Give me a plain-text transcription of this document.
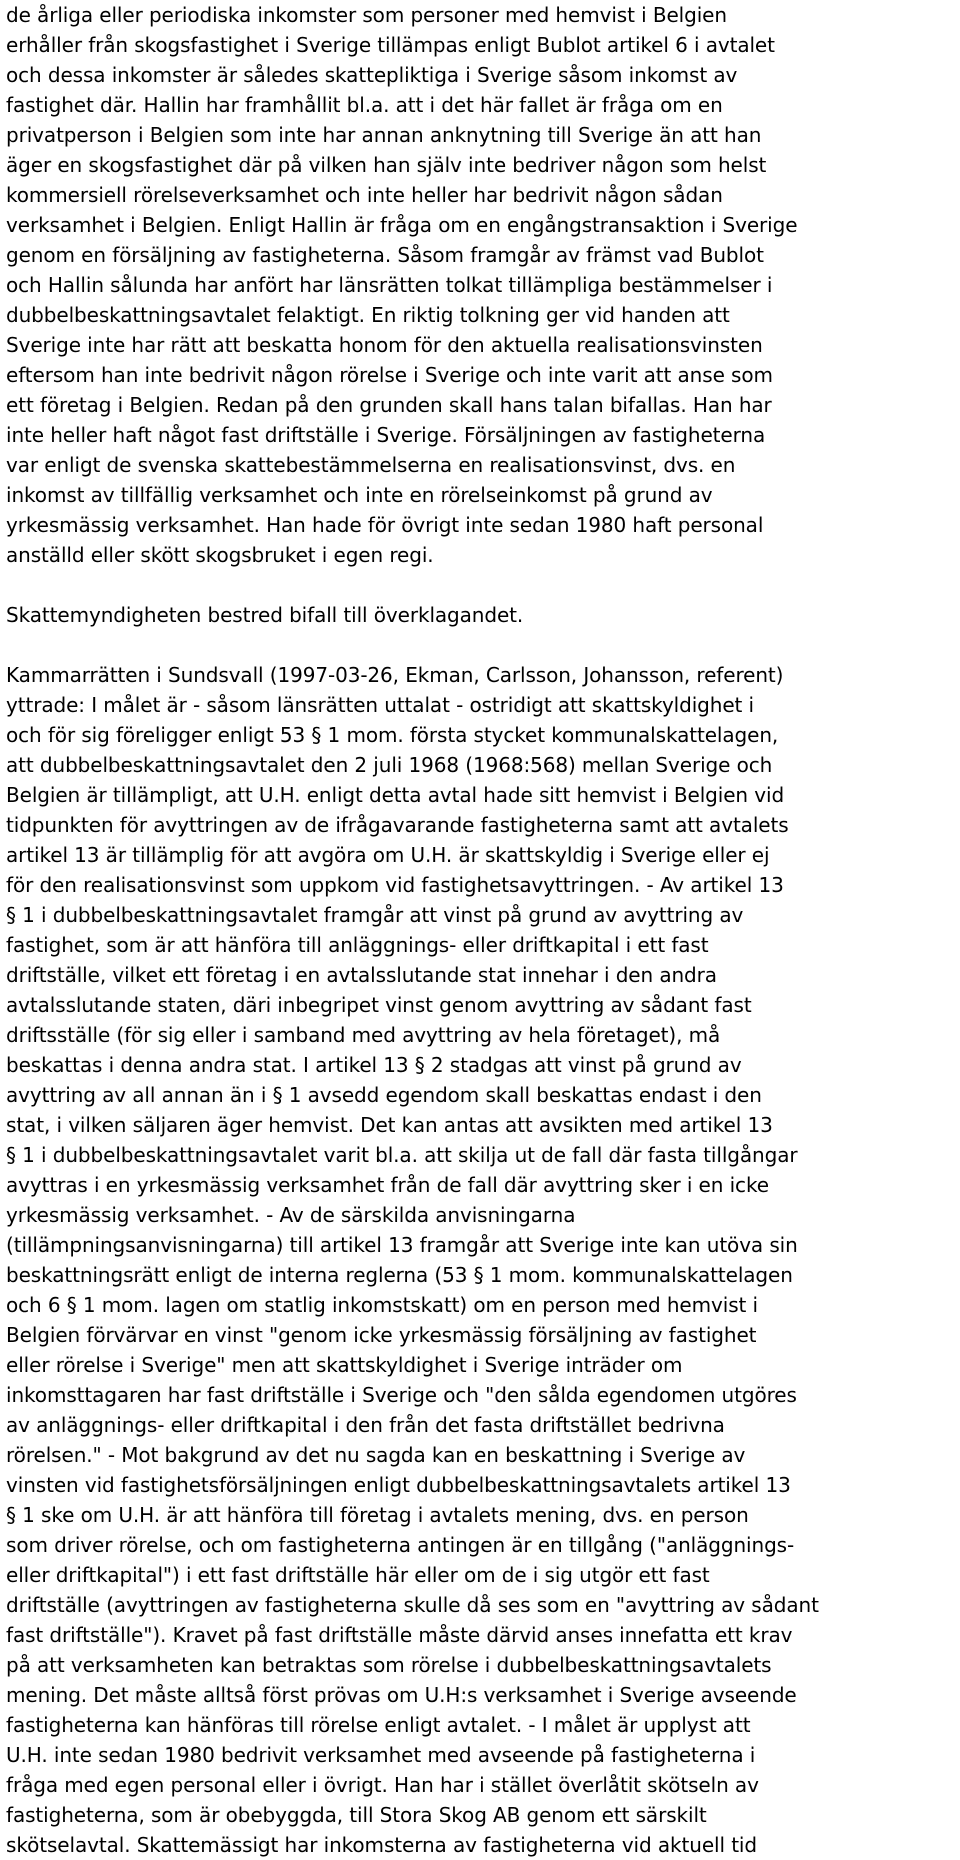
de årliga eller periodiska inkomster som personer med hemvist i Belgien
erhåller från skogsfastighet i Sverige tillämpas enligt Bublot artikel 6 i avtalet
och dessa inkomster är således skattepliktiga i Sverige såsom inkomst av
fastighet där. Hallin har framhållit bl.a. att i det här fallet är fråga om en
privatperson i Belgien som inte har annan anknytning till Sverige än att han
äger en skogsfastighet där på vilken han själv inte bedriver någon som helst
kommersiell rörelseverksamhet och inte heller har bedrivit någon sådan
verksamhet i Belgien. Enligt Hallin är fråga om en engångstransaktion i Sverige
genom en försäljning av fastigheterna. Såsom framgår av främst vad Bublot
och Hallin sålunda har anfört har länsrätten tolkat tillämpliga bestämmelser i
dubbelbeskattningsavtalet felaktigt. En riktig tolkning ger vid handen att
Sverige inte har rätt att beskatta honom för den aktuella realisationsvinsten
eftersom han inte bedrivit någon rörelse i Sverige och inte varit att anse som
ett företag i Belgien. Redan på den grunden skall hans talan bifallas. Han har
inte heller haft något fast driftställe i Sverige. Försäljningen av fastigheterna
var enligt de svenska skattebestämmelserna en realisationsvinst, dvs. en
inkomst av tillfällig verksamhet och inte en rörelseinkomst på grund av
yrkesmässig verksamhet. Han hade för övrigt inte sedan 1980 haft personal
anställd eller skött skogsbruket i egen regi.
Skattemyndigheten bestred bifall till överklagandet.
Kammarrätten i Sundsvall (1997-03-26, Ekman, Carlsson, Johansson, referent)
yttrade: I målet är - såsom länsrätten uttalat - ostridigt att skattskyldighet i
och för sig föreligger enligt 53 § 1 mom. första stycket kommunalskattelagen,
att dubbelbeskattningsavtalet den 2 juli 1968 (1968:568) mellan Sverige och
Belgien är tillämpligt, att U.H. enligt detta avtal hade sitt hemvist i Belgien vid
tidpunkten för avyttringen av de ifrågavarande fastigheterna samt att avtalets
artikel 13 är tillämplig för att avgöra om U.H. är skattskyldig i Sverige eller ej
för den realisationsvinst som uppkom vid fastighetsavyttringen. - Av artikel 13
§ 1 i dubbelbeskattningsavtalet framgår att vinst på grund av avyttring av
fastighet, som är att hänföra till anläggnings- eller driftkapital i ett fast
driftställe, vilket ett företag i en avtalsslutande stat innehar i den andra
avtalsslutande staten, däri inbegripet vinst genom avyttring av sådant fast
driftsställe (för sig eller i samband med avyttring av hela företaget), må
beskattas i denna andra stat. I artikel 13 § 2 stadgas att vinst på grund av
avyttring av all annan än i § 1 avsedd egendom skall beskattas endast i den
stat, i vilken säljaren äger hemvist. Det kan antas att avsikten med artikel 13
§ 1 i dubbelbeskattningsavtalet varit bl.a. att skilja ut de fall där fasta tillgångar
avyttras i en yrkesmässig verksamhet från de fall där avyttring sker i en icke
yrkesmässig verksamhet. - Av de särskilda anvisningarna
(tillämpningsanvisningarna) till artikel 13 framgår att Sverige inte kan utöva sin
beskattningsrätt enligt de interna reglerna (53 § 1 mom. kommunalskattelagen
och 6 § 1 mom. lagen om statlig inkomstskatt) om en person med hemvist i
Belgien förvärvar en vinst "genom icke yrkesmässig försäljning av fastighet
eller rörelse i Sverige" men att skattskyldighet i Sverige inträder om
inkomsttagaren har fast driftställe i Sverige och "den sålda egendomen utgöres
av anläggnings- eller driftkapital i den från det fasta driftstället bedrivna
rörelsen." - Mot bakgrund av det nu sagda kan en beskattning i Sverige av
vinsten vid fastighetsförsäljningen enligt dubbelbeskattningsavtalets artikel 13
§ 1 ske om U.H. är att hänföra till företag i avtalets mening, dvs. en person
som driver rörelse, och om fastigheterna antingen är en tillgång ("anläggnings-
eller driftkapital") i ett fast driftställe här eller om de i sig utgör ett fast
driftställe (avyttringen av fastigheterna skulle då ses som en "avyttring av sådant
fast driftställe"). Kravet på fast driftställe måste därvid anses innefatta ett krav
på att verksamheten kan betraktas som rörelse i dubbelbeskattningsavtalets
mening. Det måste alltså först prövas om U.H:s verksamhet i Sverige avseende
fastigheterna kan hänföras till rörelse enligt avtalet. - I målet är upplyst att
U.H. inte sedan 1980 bedrivit verksamhet med avseende på fastigheterna i
fråga med egen personal eller i övrigt. Han har i stället överlåtit skötseln av
fastigheterna, som är obebyggda, till Stora Skog AB genom ett särskilt
skötselavtal. Skattemässigt har inkomsterna av fastigheterna vid aktuell tid
